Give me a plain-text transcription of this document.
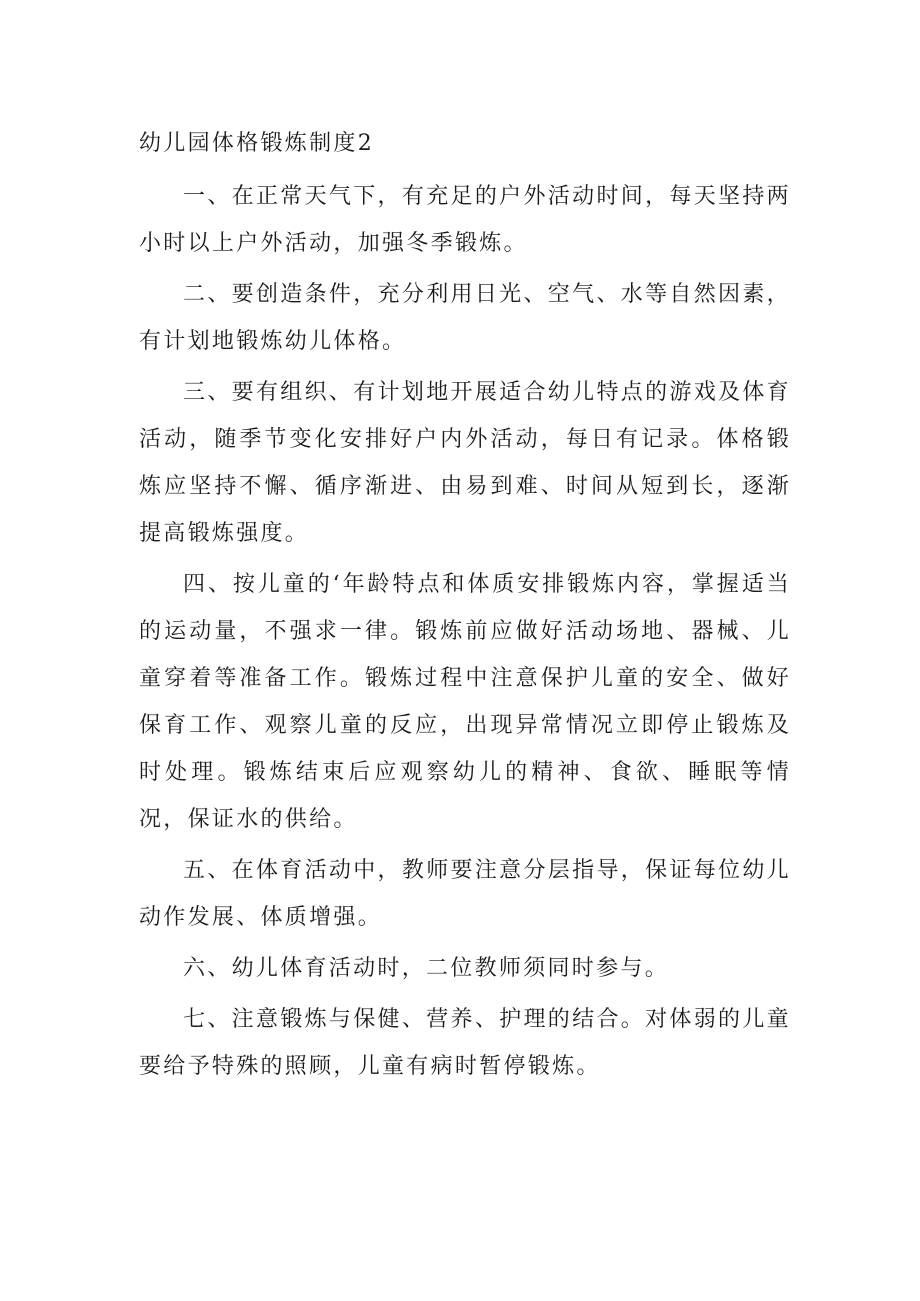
幼儿园体格锻炼制度2

一、在正常天气下，有充足的户外活动时间，每天坚持两小时以上户外活动，加强冬季锻炼。

二、要创造条件，充分利用日光、空气、水等自然因素，有计划地锻炼幼儿体格。

三、要有组织、有计划地开展适合幼儿特点的游戏及体育活动，随季节变化安排好户内外活动，每日有记录。体格锻炼应坚持不懈、循序渐进、由易到难、时间从短到长，逐渐提高锻炼强度。

四、按儿童的‘年龄特点和体质安排锻炼内容，掌握适当的运动量，不强求一律。锻炼前应做好活动场地、器械、儿童穿着等准备工作。锻炼过程中注意保护儿童的安全、做好保育工作、观察儿童的反应，出现异常情况立即停止锻炼及时处理。锻炼结束后应观察幼儿的精神、食欲、睡眠等情况，保证水的供给。

五、在体育活动中，教师要注意分层指导，保证每位幼儿动作发展、体质增强。

六、幼儿体育活动时，二位教师须同时参与。

七、注意锻炼与保健、营养、护理的结合。对体弱的儿童要给予特殊的照顾，儿童有病时暂停锻炼。
